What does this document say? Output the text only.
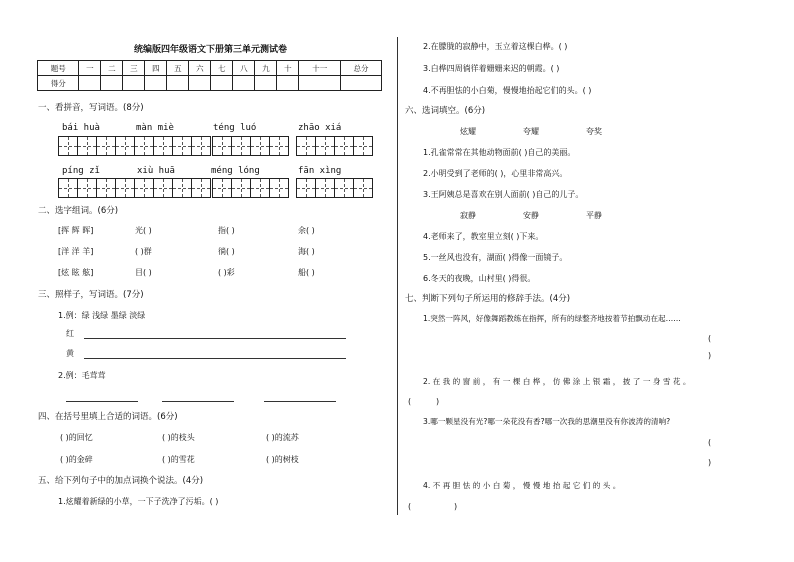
统编版四年级语文下册第三单元测试卷
题号	一	二	三	四	五	六	七	八	九	十	十一	总分
得分												
一、看拼音，写词语。(8分)
bái huà	màn miè	téng luó	zhāo xiá
píng zǐ	xiù huā	méng lóng	fān xìng
二、选字组词。(6分)
[挥 辉 晖]	光( )	指( )	余( )
[洋 洋 羊]	( )群	徜( )	海( )
[炫 眩 舷]	目( )	( )彩	船( )
三、照样子，写词语。(7分)
1.例：绿 浅绿 墨绿 淡绿
红
黄
2.例：毛茸茸
四、在括号里填上合适的词语。(6分)
( )的回忆	( )的枝头	( )的流苏
( )的金碎	( )的雪花	( )的树枝
五、给下列句子中的加点词换个说法。(4分)
1.炫耀着新绿的小草，一下子洗净了污垢。( )
2.在朦胧的寂静中，玉立着这棵白桦。( )
3.白桦四周徜徉着姗姗来迟的朝霞。( )
4.不再胆怯的小白菊，慢慢地抬起它们的头。( )
六、选词填空。(6分)
炫耀	夸耀	夸奖
1.孔雀常常在其他动物面前( )自己的美丽。
2.小明受到了老师的( )，心里非常高兴。
3.王阿姨总是喜欢在别人面前( )自己的儿子。
寂静	安静	平静
4.老师来了，教室里立刻( )下来。
5.一丝风也没有，湖面( )得像一面镜子。
6.冬天的夜晚，山村里( )得很。
七、判断下列句子所运用的修辞手法。(4分)
1.突然一阵风，好像舞蹈教练在指挥，所有的绿整齐地按着节拍飘动在起……
(
)
2. 在 我 的 窗 前 ， 有 一 棵 白 桦 ， 仿 佛 涂 上 银 霜 ， 披 了 一 身 雪 花 。
(	)
3.哪一颗星没有光?哪一朵花没有香?哪一次我的思潮里没有你波涛的清响?
(
)
4. 不 再 胆 怯 的 小 白 菊 ， 慢 慢 地 抬 起 它 们 的 头 。
(	)
